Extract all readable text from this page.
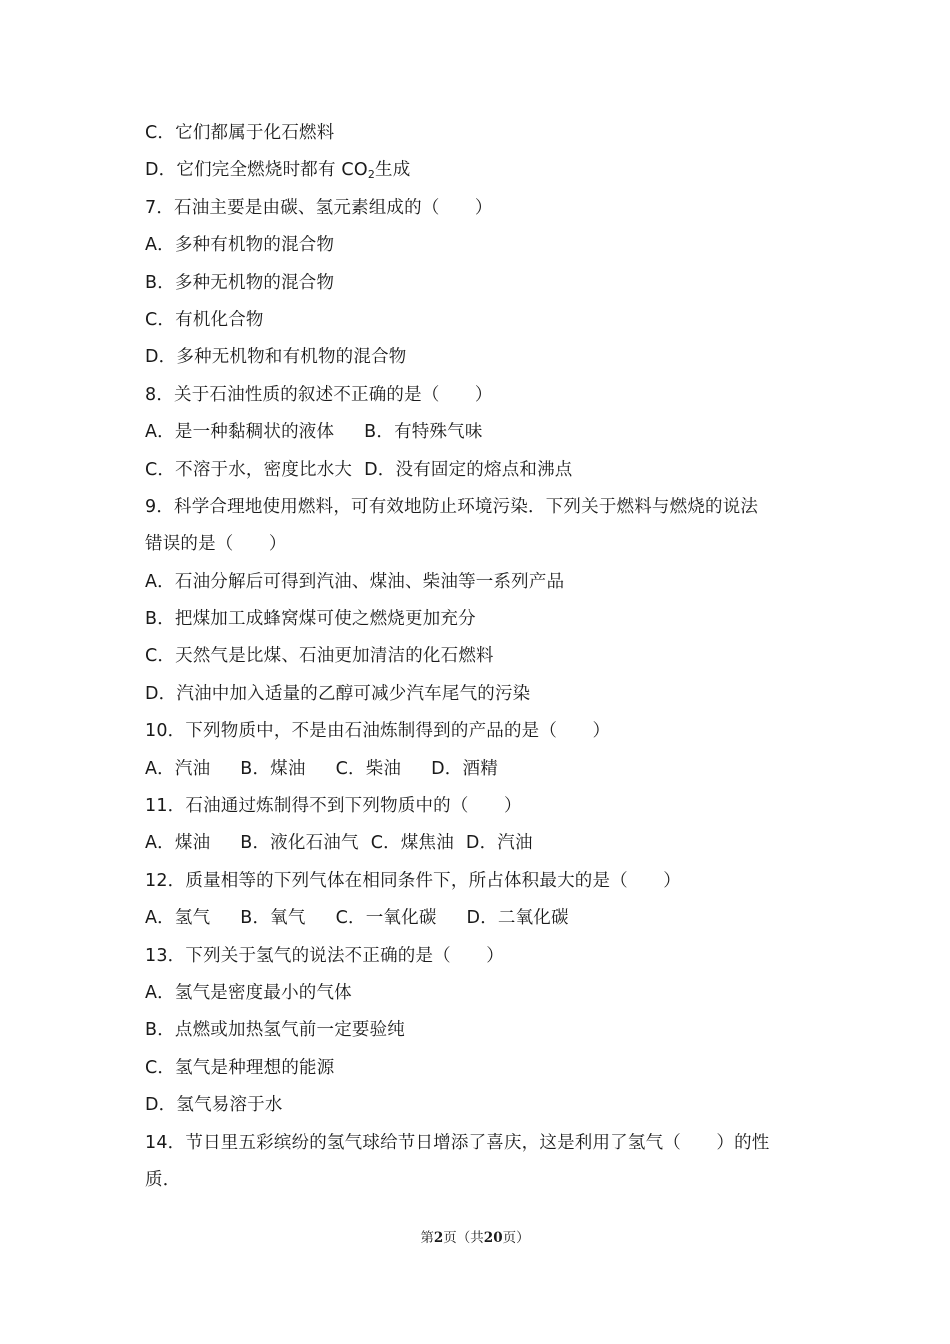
C．它们都属于化石燃料
D．它们完全燃烧时都有 $CO_2$生成
7．石油主要是由碳、氢元素组成的（　　）
A．多种有机物的混合物
B．多种无机物的混合物
C．有机化合物
D．多种无机物和有机物的混合物
8．关于石油性质的叙述不正确的是（　　）
A．是一种黏稠状的液体 B．有特殊气味
C．不溶于水，密度比水大 D．没有固定的熔点和沸点
9．科学合理地使用燃料，可有效地防止环境污染．下列关于燃料与燃烧的说法
错误的是（　　）
A．石油分解后可得到汽油、煤油、柴油等一系列产品
B．把煤加工成蜂窝煤可使之燃烧更加充分
C．天然气是比煤、石油更加清洁的化石燃料
D．汽油中加入适量的乙醇可减少汽车尾气的污染
10．下列物质中，不是由石油炼制得到的产品的是（　　）
A．汽油 B．煤油 C．柴油 D．酒精
11．石油通过炼制得不到下列物质中的（　　）
A．煤油 B．液化石油气 C．煤焦油 D．汽油
12．质量相等的下列气体在相同条件下，所占体积最大的是（　　）
A．氢气 B．氧气 C．一氧化碳 D．二氧化碳
13．下列关于氢气的说法不正确的是（　　）
A．氢气是密度最小的气体
B．点燃或加热氢气前一定要验纯
C．氢气是种理想的能源
D．氢气易溶于水
14．节日里五彩缤纷的氢气球给节日增添了喜庆，这是利用了氢气（　　）的性
质．
第2页（共20页）
